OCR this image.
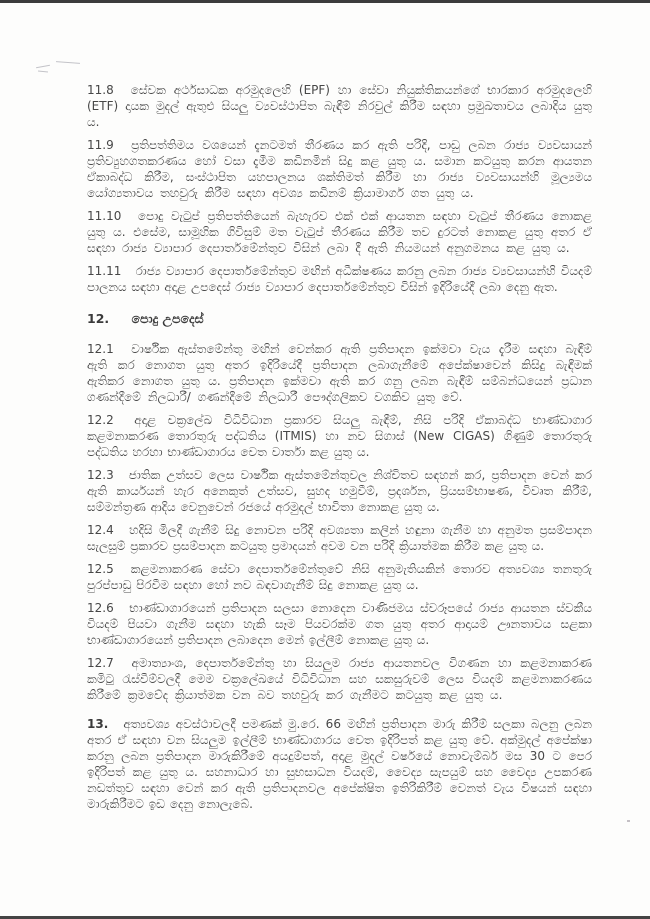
11.8 සේවක අර්ථසාධක අරමුදලෙහි (EPF) හා සේවා නියුක්තිකයන්ගේ භාරකාර අරමුදලෙහි (ETF) දායක මුදල් ඇතුළු සියලු ව්‍යවස්ථාපිත බැඳීම් නිරවුල් කිරීම සඳහා ප්‍රමුඛතාවය ලබාදිය යුතු ය.

11.9 ප්‍රතිපත්තිමය වශයෙන් දැනටමත් තීරණය කර ඇති පරිදි, පාඩු ලබන රාජ්‍ය ව්‍යවසායන් ප්‍රතිව්‍යුහගතකරණය හෝ වසා දැමීම කඩිනමින් සිදු කළ යුතු ය. සමාන කටයුතු කරන ආයතන ඒකාබද්ධ කිරීම, සංස්ථාපිත යහපාලනය ශක්තිමත් කිරීම හා රාජ්‍ය ව්‍යවසායන්හි මූල්‍යමය යෝග්‍යතාවය තහවුරු කිරීම සඳහා අවශ්‍ය කඩිනම් ක්‍රියාමාර්ග ගත යුතු ය.

11.10 පොදු වැටුප් ප්‍රතිපත්තියෙන් බැහැරව එක් එක් ආයතන සඳහා වැටුප් තීරණය නොකළ යුතු ය. එසේම, සාමූහික ගිවිසුම් මත වැටුප් තීරණය කිරීම තව දුරටත් නොකළ යුතු අතර ඒ සඳහා රාජ්‍ය ව්‍යාපාර දෙපාර්තමේන්තුව විසින් ලබා දී ඇති නියමයන් අනුගමනය කළ යුතු ය.

11.11 රාජ්‍ය ව්‍යාපාර දෙපාර්තමේන්තුව මඟින් අධීක්ෂණය කරනු ලබන රාජ්‍ය ව්‍යවසායන්හි වියදම් පාලනය සඳහා අදාළ උපදෙස් රාජ්‍ය ව්‍යාපාර දෙපාර්තමේන්තුව විසින් ඉදිරියේදී ලබා දෙනු ඇත.

12. පොදු උපදෙස්

12.1 වාර්ෂික ඇස්තමේන්තු මඟින් වෙන්කර ඇති ප්‍රතිපාදන ඉක්මවා වැය දැරීම සඳහා බැඳීම් ඇති කර නොගත යුතු අතර ඉදිරියේදී ප්‍රතිපාදන ලබාගැනීමේ අපේක්ෂාවෙන් කිසිදු බැඳීමක් ඇතිකර නොගත යුතු ය. ප්‍රතිපාදන ඉක්මවා ඇති කර ගනු ලබන බැඳීම් සම්බන්ධයෙන් ප්‍රධාන ගණන්දීමේ නිලධාරී/ ගණන්දීමේ නිලධාරී පෞද්ගලිකව වගකිව යුතු වේ.

12.2 අදාළ චක්‍රලේඛ විධිවිධාන ප්‍රකාරව සියලු බැඳීම්, නිසි පරිදි ඒකාබද්ධ භාණ්ඩාගාර කළමනාකරණ තොරතුරු පද්ධතිය (ITMIS) හා නව සිගාස් (New CIGAS) ගිණුම් තොරතුරු පද්ධතිය හරහා භාණ්ඩාගාරය වෙත වාර්තා කළ යුතු ය.

12.3 ජාතික උත්සව ලෙස වාර්ෂික ඇස්තමේන්තුවල නිශ්චිතව සඳහන් කර, ප්‍රතිපාදන වෙන් කර ඇති කාර්යයන් හැර අනෙකුත් උත්සව, සුහද හමුවීම්, ප්‍රදර්ශන, ප්‍රියසම්භාෂණ, විවෘත කිරීම්, සම්මන්ත්‍රණ ආදිය වෙනුවෙන් රජයේ අරමුදල් භාවිතා නොකළ යුතු ය.

12.4 හදිසි මිලදී ගැනීම් සිදු නොවන පරිදි අවශ්‍යතා කලින් හඳුනා ගැනීම හා අනුමත ප්‍රසම්පාදන සැලසුම් ප්‍රකාරව ප්‍රසම්පාදන කටයුතු ප්‍රමාදයන් අවම වන පරිදි ක්‍රියාත්මක කිරීම කළ යුතු ය.

12.5 කළමනාකරණ සේවා දෙපාර්තමේන්තුවේ නිසි අනුමැතියකින් තොරව අත්‍යවශ්‍ය තනතුරු පුරප්පාඩු පිරවීම සඳහා හෝ නව බඳවාගැනීම් සිදු නොකළ යුතු ය.

12.6 භාණ්ඩාගාරයෙන් ප්‍රතිපාදන සලසා නොදෙන වාණිජමය ස්වරූපයේ රාජ්‍ය ආයතන ස්වකීය වියදම් පියවා ගැනීම සඳහා හැකි සෑම පියවරක්ම ගත යුතු අතර ආදායම් ඌනතාවය සළකා භාණ්ඩාගාරයෙන් ප්‍රතිපාදන ලබාදෙන මෙන් ඉල්ලීම් නොකළ යුතු ය.

12.7 අමාත්‍යාංශ, දෙපාර්තමේන්තු හා සියලුම රාජ්‍ය ආයතනවල විගණන හා කළමනාකරණ කමිටු රැස්වීම්වලදී මෙම චක්‍රලේඛයේ විධිවිධාන සහ සකසුරුවම් ලෙස වියදම් කළමනාකරණය කිරීමේ ක්‍රමවේද ක්‍රියාත්මක වන බව තහවුරු කර ගැනීමට කටයුතු කළ යුතු ය.

13. අත්‍යවශ්‍ය අවස්ථාවලදී පමණක් මු.රෙ. 66 මඟින් ප්‍රතිපාදන මාරු කිරීම් සලකා බලනු ලබන අතර ඒ සඳහා වන සියලුම ඉල්ලීම් භාණ්ඩාගාරය වෙත ඉදිරිපත් කළ යුතු වේ. අක්මුදල් අපේක්ෂා කරනු ලබන ප්‍රතිපාදන මාරුකිරීමේ අයදුම්පත්, අදාළ මුදල් වර්ෂයේ නොවැම්බර් මස 30 ට පෙර ඉදිරිපත් කළ යුතු ය. සහනාධාර හා සුභසාධන වියදම්, වෛද්‍ය සැපයුම් සහ වෛද්‍ය උපකරණ නඩත්තුව සඳහා වෙන් කර ඇති ප්‍රතිපාදනවල අපේක්ෂිත ඉතිරිකිරීම් වෙනත් වැය විෂයන් සඳහා මාරුකිරීමට ඉඩ දෙනු නොලැබේ.
